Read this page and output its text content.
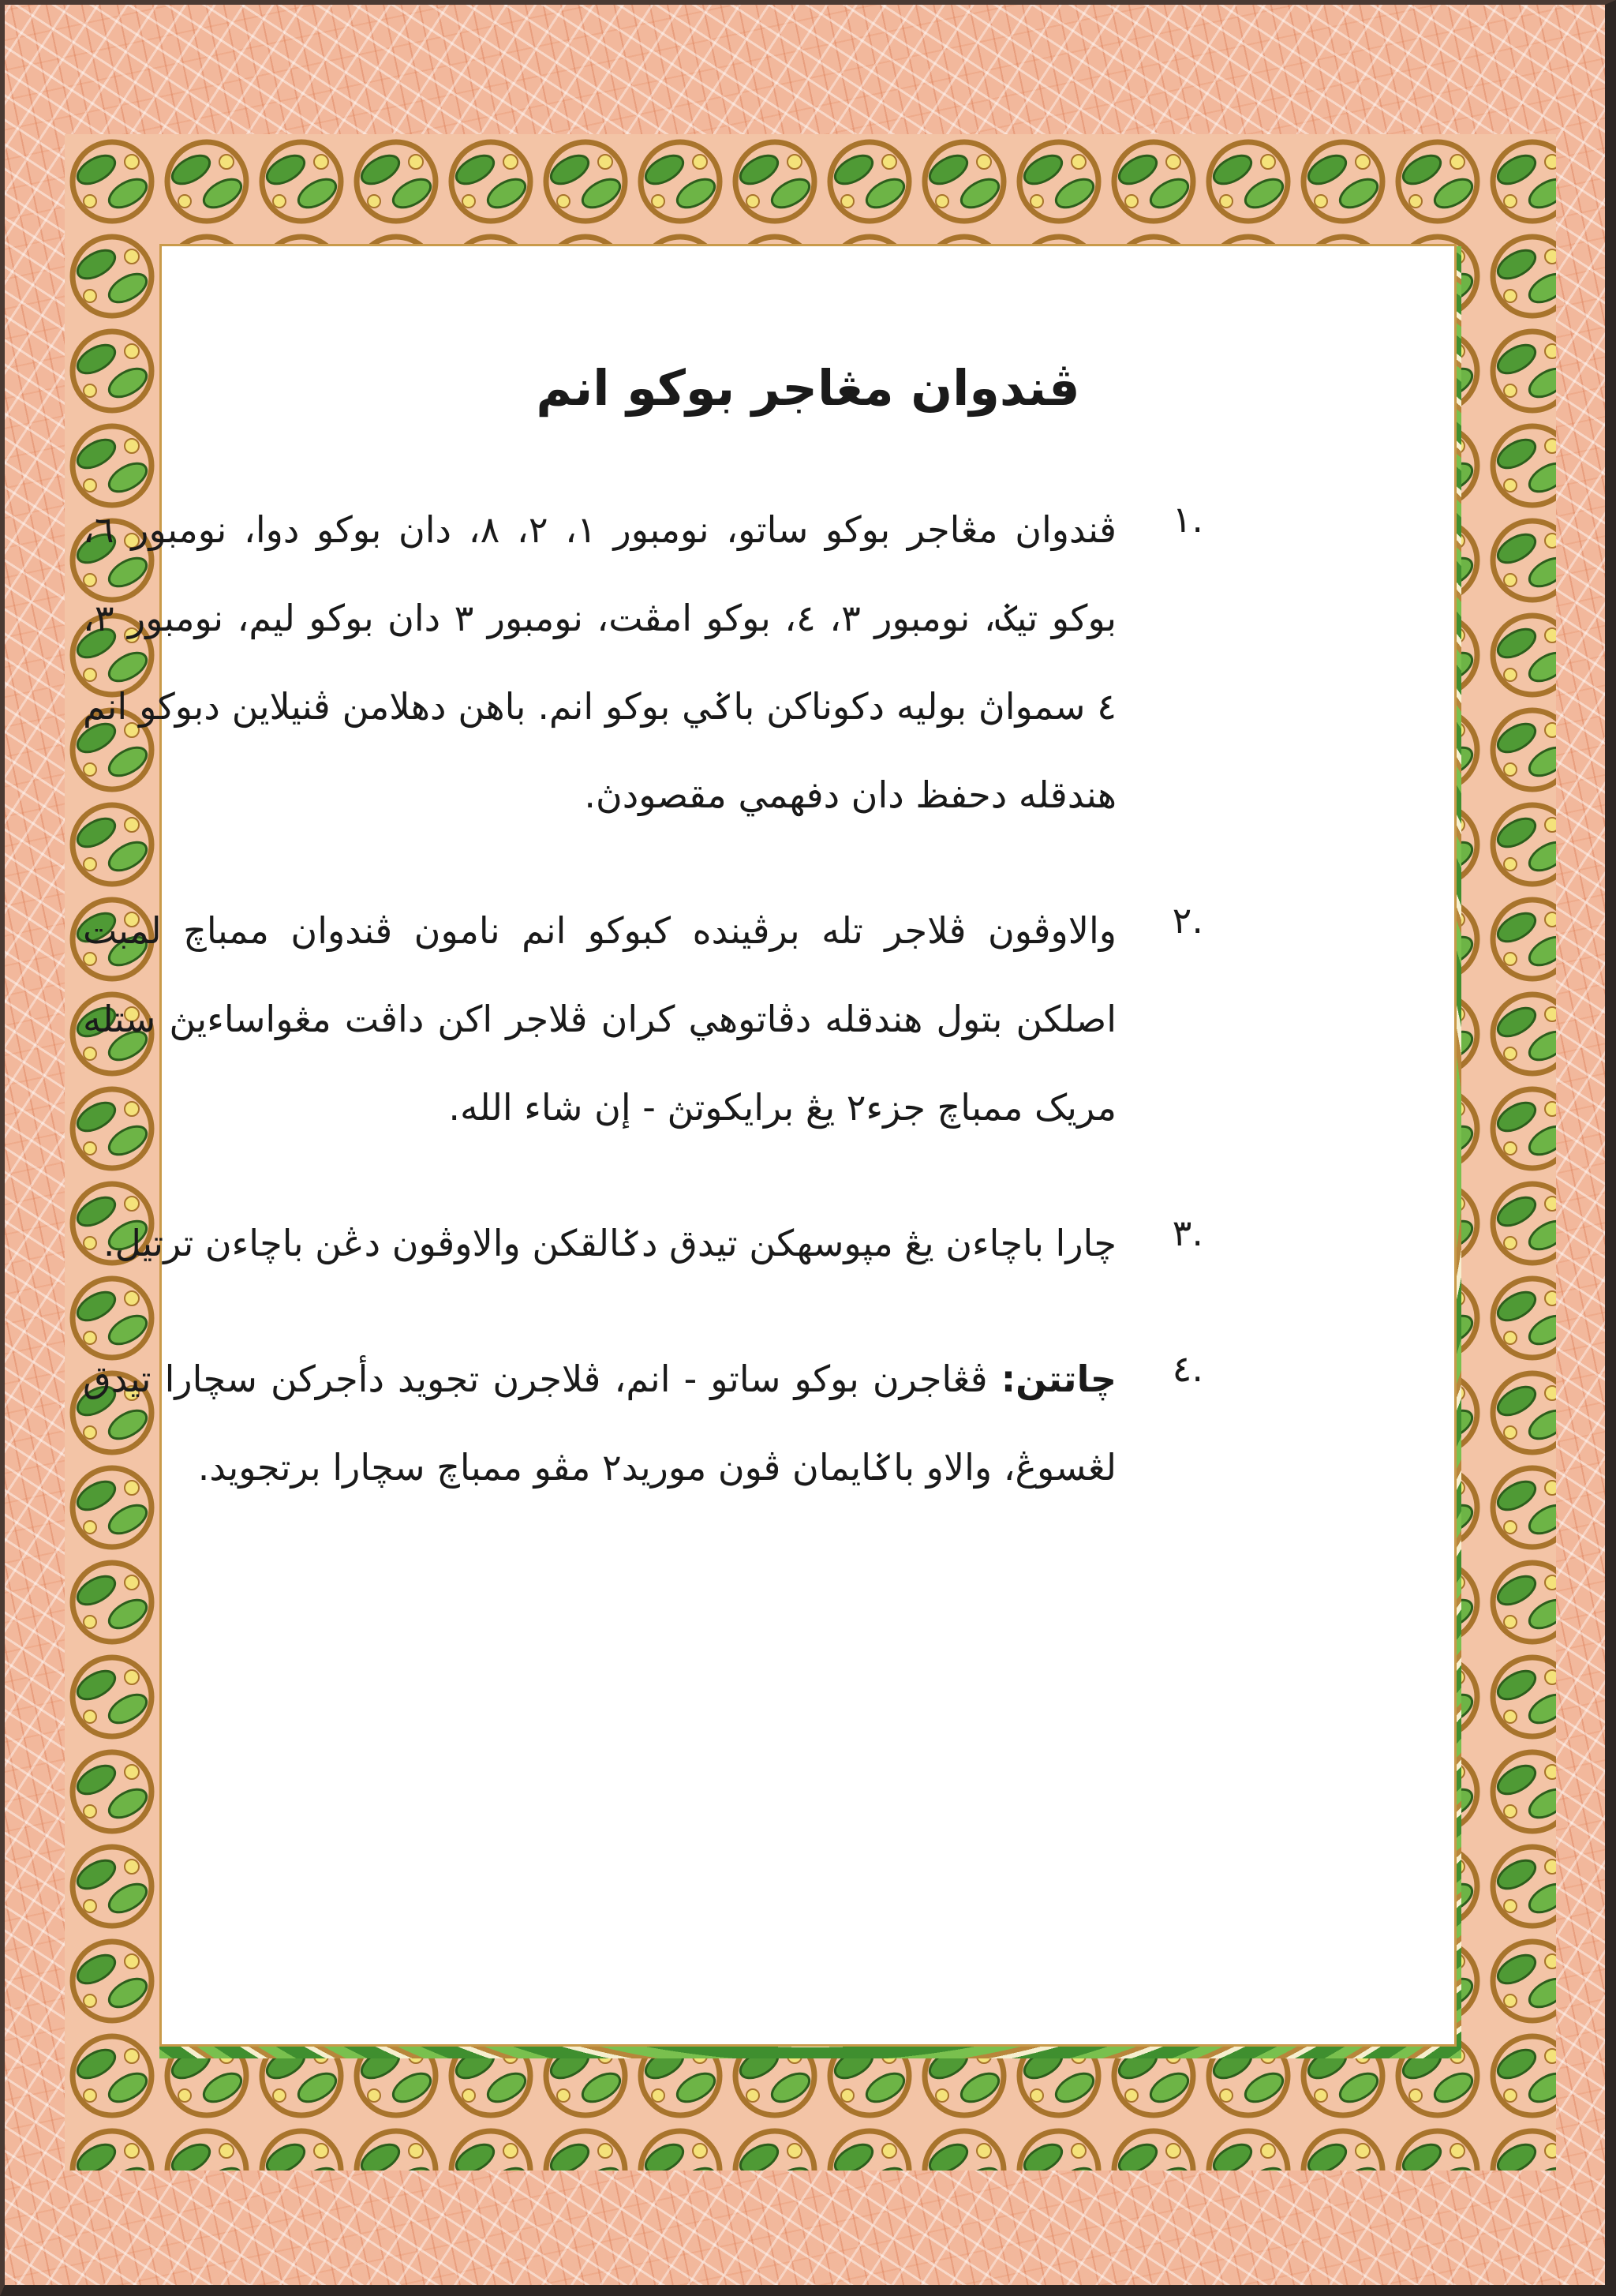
ڤندوان مڠاجر بوكو انم
.١
ڤندوان مڠاجر بوكو ساتو، نومبور ١، ٢، ٨، دان بوكو دوا، نومبور ٦، بوكو تيݢ، نومبور ٣، ٤، بوكو امڤت، نومبور ٣ دان بوكو ليم، نومبور ٣، ٤ سمواڽ بوليه دكوناكن باݢي بوكو انم. باهن دهلامن ڤنيلاين دبوكو انم هندقله دحفظ دان دفهمي مقصودڽ.
.٢
والاوڤون ڤلاجر تله برڤينده كبوكو انم نامون ڤندوان ممباچ لمبت اصلكن بتول هندقله دڤاتوهي كران ڤلاجر اكن داڤت مڠواساءيڽ ستله مريک ممباچ جزء٢ يڠ برايكوتڽ - إن شاء الله.
.٣
چارا باچاءن يڠ مپوسهكن تيدق دݢالقكن والاوڤون دڠن باچاءن ترتيل.
.٤
چاتتن: ڤڠاجرن بوكو ساتو - انم، ڤلاجرن تجويد دأجركن سچارا تيدق لڠسوڠ، والاو باݢايمان ڤون موريد٢ مڤو ممباچ سچارا برتجويد.
